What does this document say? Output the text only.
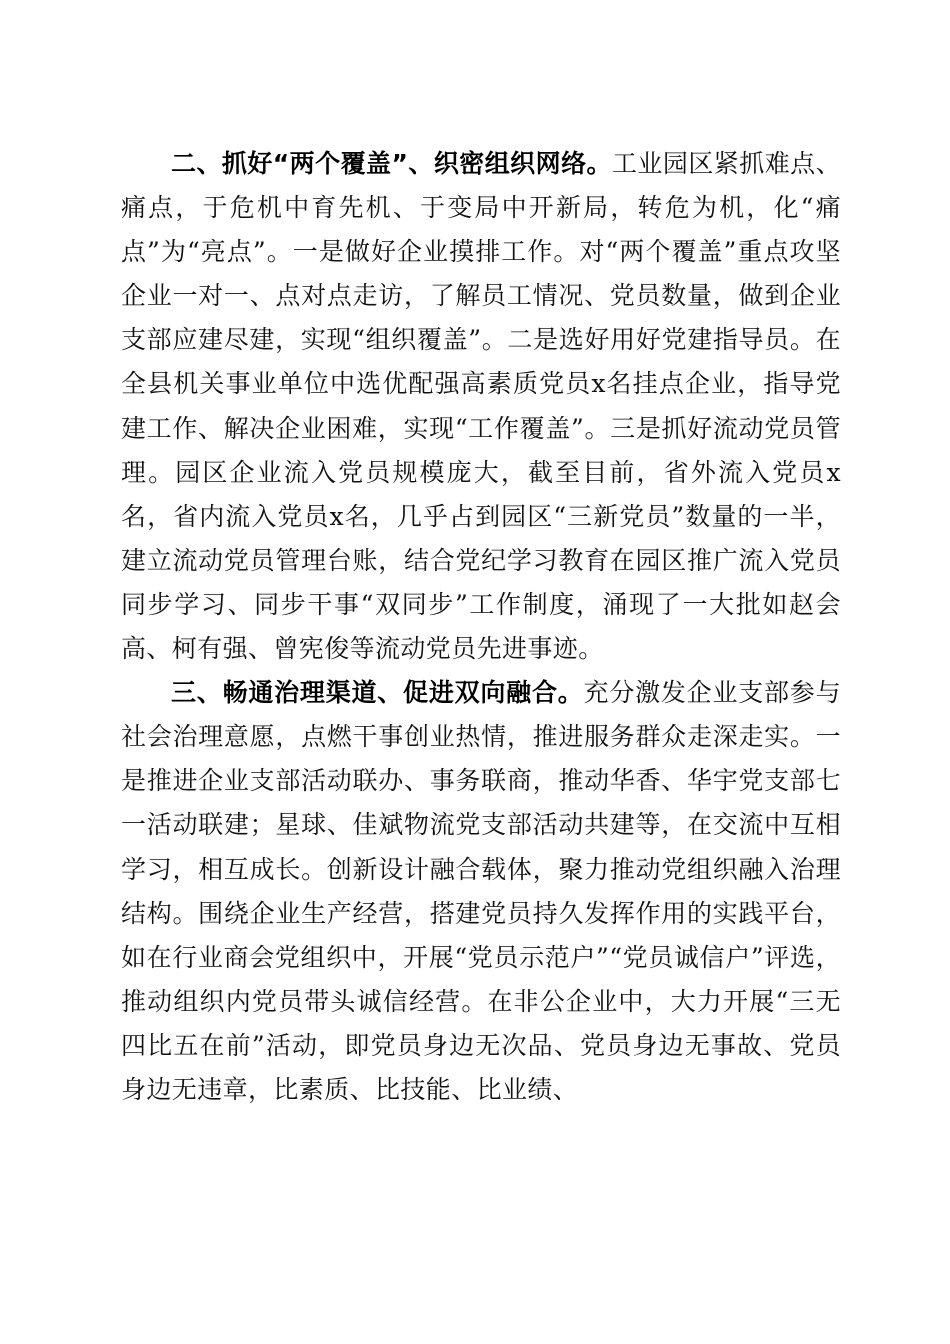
二、抓好“两个覆盖”、织密组织网络。工业园区紧抓难点、痛点，于危机中育先机、于变局中开新局，转危为机，化“痛点”为“亮点”。一是做好企业摸排工作。对“两个覆盖”重点攻坚企业一对一、点对点走访，了解员工情况、党员数量，做到企业支部应建尽建，实现“组织覆盖”。二是选好用好党建指导员。在全县机关事业单位中选优配强高素质党员x名挂点企业，指导党建工作、解决企业困难，实现“工作覆盖”。三是抓好流动党员管理。园区企业流入党员规模庞大，截至目前，省外流入党员x名，省内流入党员x名，几乎占到园区“三新党员”数量的一半，建立流动党员管理台账，结合党纪学习教育在园区推广流入党员同步学习、同步干事“双同步”工作制度，涌现了一大批如赵会高、柯有强、曾宪俊等流动党员先进事迹。

三、畅通治理渠道、促进双向融合。充分激发企业支部参与社会治理意愿，点燃干事创业热情，推进服务群众走深走实。一是推进企业支部活动联办、事务联商，推动华香、华宇党支部七一活动联建；星球、佳斌物流党支部活动共建等，在交流中互相学习，相互成长。创新设计融合载体，聚力推动党组织融入治理结构。围绕企业生产经营，搭建党员持久发挥作用的实践平台，如在行业商会党组织中，开展“党员示范户”“党员诚信户”评选，推动组织内党员带头诚信经营。在非公企业中，大力开展“三无四比五在前”活动，即党员身边无次品、党员身边无事故、党员身边无违章，比素质、比技能、比业绩、
